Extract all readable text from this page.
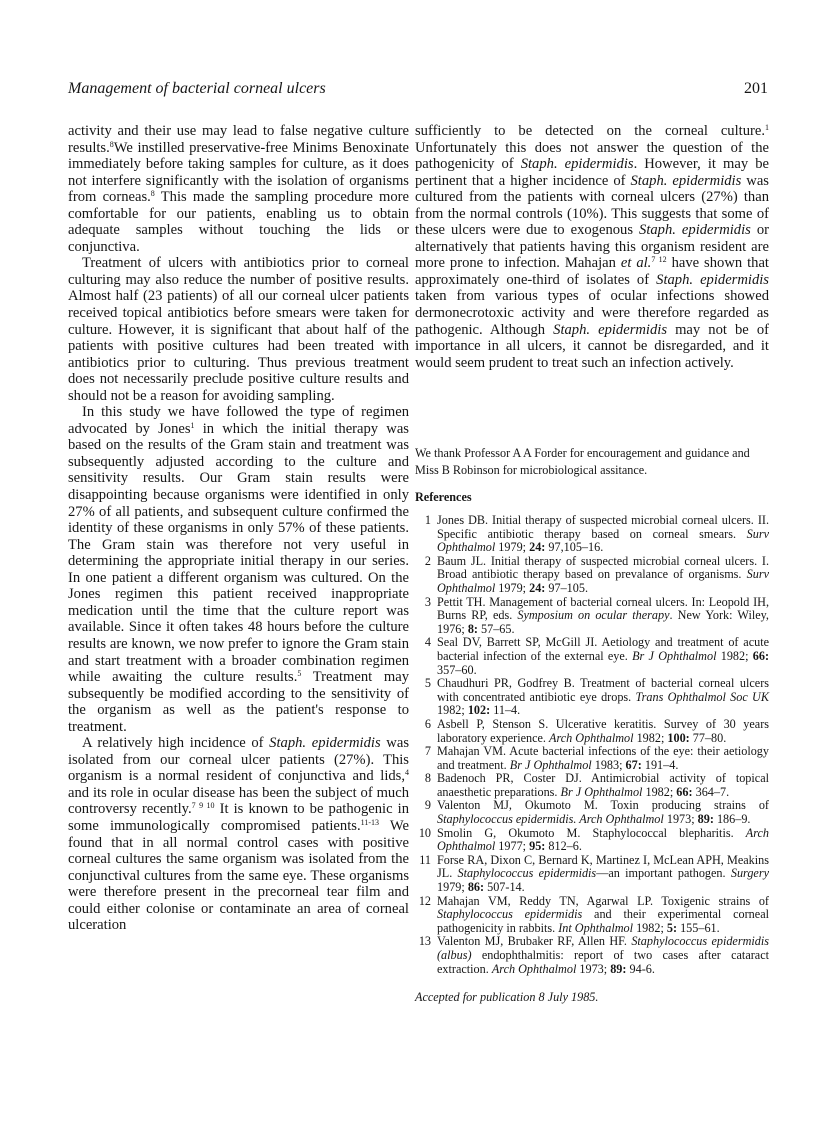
Management of bacterial corneal ulcers	201

activity and their use may lead to false negative culture results.$^8$We instilled preservative-free Minims Benoxinate immediately before taking samples for culture, as it does not interfere significantly with the isolation of organisms from corneas.$^8$ This made the sampling procedure more comfortable for our patients, enabling us to obtain adequate samples without touching the lids or conjunctiva.

Treatment of ulcers with antibiotics prior to corneal culturing may also reduce the number of positive results. Almost half (23 patients) of all our corneal ulcer patients received topical antibiotics before smears were taken for culture. However, it is significant that about half of the patients with positive cultures had been treated with antibiotics prior to culturing. Thus previous treatment does not necessarily preclude positive culture results and should not be a reason for avoiding sampling.

In this study we have followed the type of regimen advocated by Jones$^1$ in which the initial therapy was based on the results of the Gram stain and treatment was subsequently adjusted according to the culture and sensitivity results. Our Gram stain results were disappointing because organisms were identified in only 27% of all patients, and subsequent culture confirmed the identity of these organisms in only 57% of these patients. The Gram stain was therefore not very useful in determining the appropriate initial therapy in our series. In one patient a different organism was cultured. On the Jones regimen this patient received inappropriate medication until the time that the culture report was available. Since it often takes 48 hours before the culture results are known, we now prefer to ignore the Gram stain and start treatment with a broader combination regimen while awaiting the culture results.$^5$ Treatment may subsequently be modified according to the sensitivity of the organism as well as the patient's response to treatment.

A relatively high incidence of Staph. epidermidis was isolated from our corneal ulcer patients (27%). This organism is a normal resident of conjunctiva and lids,$^4$ and its role in ocular disease has been the subject of much controversy recently.$^{7 9 10}$ It is known to be pathogenic in some immunologically compromised patients.$^{11-13}$ We found that in all normal control cases with positive corneal cultures the same organism was isolated from the conjunctival cultures from the same eye. These organisms were therefore present in the precorneal tear film and could either colonise or contaminate an area of corneal ulceration

sufficiently to be detected on the corneal culture.$^1$ Unfortunately this does not answer the question of the pathogenicity of Staph. epidermidis. However, it may be pertinent that a higher incidence of Staph. epidermidis was cultured from the patients with corneal ulcers (27%) than from the normal controls (10%). This suggests that some of these ulcers were due to exogenous Staph. epidermidis or alternatively that patients having this organism resident are more prone to infection. Mahajan et al.$^{7 12}$ have shown that approximately one-third of isolates of Staph. epidermidis taken from various types of ocular infections showed dermonecrotoxic activity and were therefore regarded as pathogenic. Although Staph. epidermidis may not be of importance in all ulcers, it cannot be disregarded, and it would seem prudent to treat such an infection actively.

We thank Professor A A Forder for encouragement and guidance and Miss B Robinson for microbiological assitance.
References
1 Jones DB. Initial therapy of suspected microbial corneal ulcers. II. Specific antibiotic therapy based on corneal smears. Surv Ophthalmol 1979; 24: 97,105–16.
2 Baum JL. Initial therapy of suspected microbial corneal ulcers. I. Broad antibiotic therapy based on prevalance of organisms. Surv Ophthalmol 1979; 24: 97–105.
3 Pettit TH. Management of bacterial corneal ulcers. In: Leopold IH, Burns RP, eds. Symposium on ocular therapy. New York: Wiley, 1976; 8: 57–65.
4 Seal DV, Barrett SP, McGill JI. Aetiology and treatment of acute bacterial infection of the external eye. Br J Ophthalmol 1982; 66: 357–60.
5 Chaudhuri PR, Godfrey B. Treatment of bacterial corneal ulcers with concentrated antibiotic eye drops. Trans Ophthalmol Soc UK 1982; 102: 11–4.
6 Asbell P, Stenson S. Ulcerative keratitis. Survey of 30 years laboratory experience. Arch Ophthalmol 1982; 100: 77–80.
7 Mahajan VM. Acute bacterial infections of the eye: their aetiology and treatment. Br J Ophthalmol 1983; 67: 191–4.
8 Badenoch PR, Coster DJ. Antimicrobial activity of topical anaesthetic preparations. Br J Ophthalmol 1982; 66: 364–7.
9 Valenton MJ, Okumoto M. Toxin producing strains of Staphylococcus epidermidis. Arch Ophthalmol 1973; 89: 186–9.
10 Smolin G, Okumoto M. Staphylococcal blepharitis. Arch Ophthalmol 1977; 95: 812–6.
11 Forse RA, Dixon C, Bernard K, Martinez I, McLean APH, Meakins JL. Staphylococcus epidermidis—an important pathogen. Surgery 1979; 86: 507-14.
12 Mahajan VM, Reddy TN, Agarwal LP. Toxigenic strains of Staphylococcus epidermidis and their experimental corneal pathogenicity in rabbits. Int Ophthalmol 1982; 5: 155–61.
13 Valenton MJ, Brubaker RF, Allen HF. Staphylococcus epidermidis (albus) endophthalmitis: report of two cases after cataract extraction. Arch Ophthalmol 1973; 89: 94-6.
Accepted for publication 8 July 1985.
